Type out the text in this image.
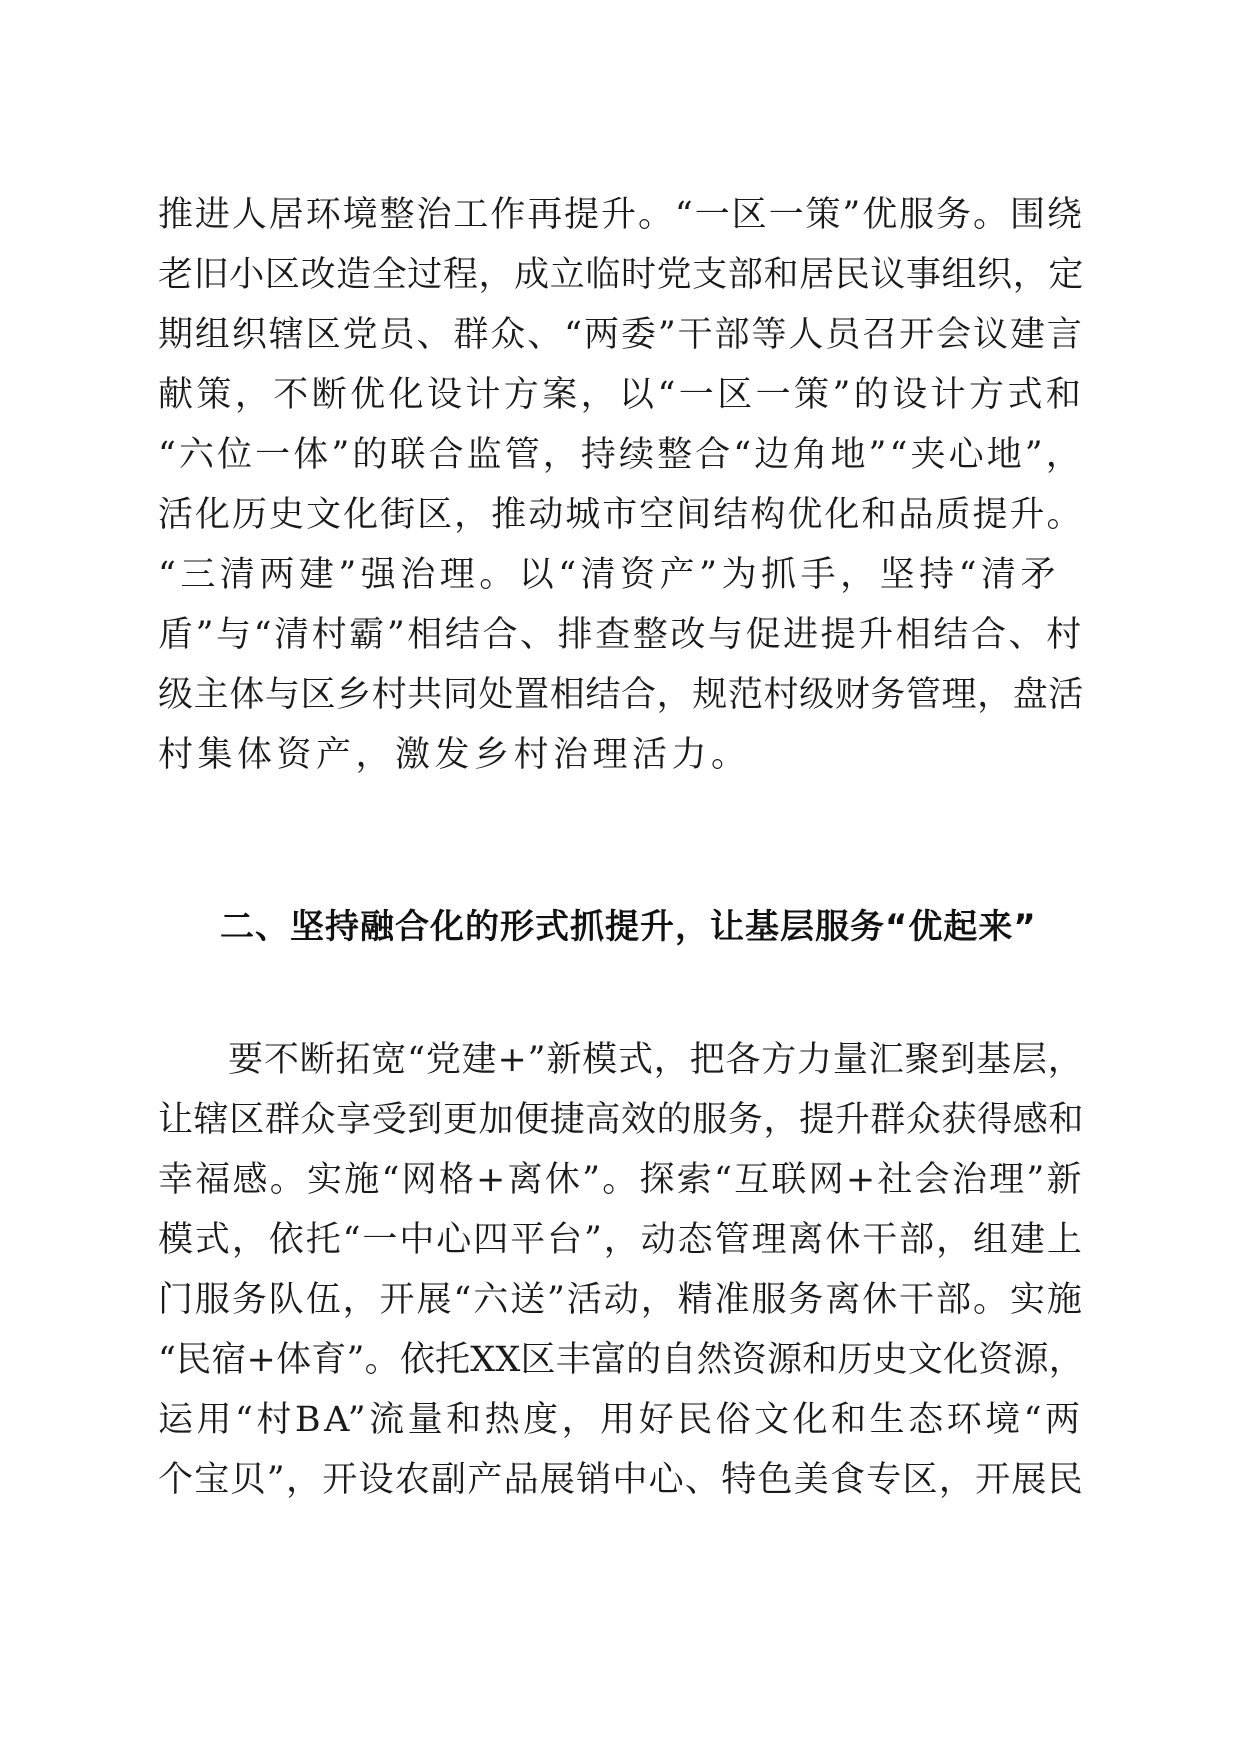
推进人居环境整治工作再提升。“一区一策”优服务。围绕
老旧小区改造全过程，成立临时党支部和居民议事组织，定
期组织辖区党员、群众、“两委”干部等人员召开会议建言
献策，不断优化设计方案，以“一区一策”的设计方式和
“六位一体”的联合监管，持续整合“边角地”“夹心地”，
活化历史文化街区，推动城市空间结构优化和品质提升。
“三清两建”强治理。以“清资产”为抓手，坚持“清矛
盾”与“清村霸”相结合、排查整改与促进提升相结合、村
级主体与区乡村共同处置相结合，规范村级财务管理，盘活
村集体资产，激发乡村治理活力。
二、坚持融合化的形式抓提升，让基层服务“优起来”
要不断拓宽“党建+”新模式，把各方力量汇聚到基层，
让辖区群众享受到更加便捷高效的服务，提升群众获得感和
幸福感。实施“网格+离休”。探索“互联网+社会治理”新
模式，依托“一中心四平台”，动态管理离休干部，组建上
门服务队伍，开展“六送”活动，精准服务离休干部。实施
“民宿+体育”。依托XX区丰富的自然资源和历史文化资源，
运用“村BA”流量和热度，用好民俗文化和生态环境“两
个宝贝”，开设农副产品展销中心、特色美食专区，开展民
